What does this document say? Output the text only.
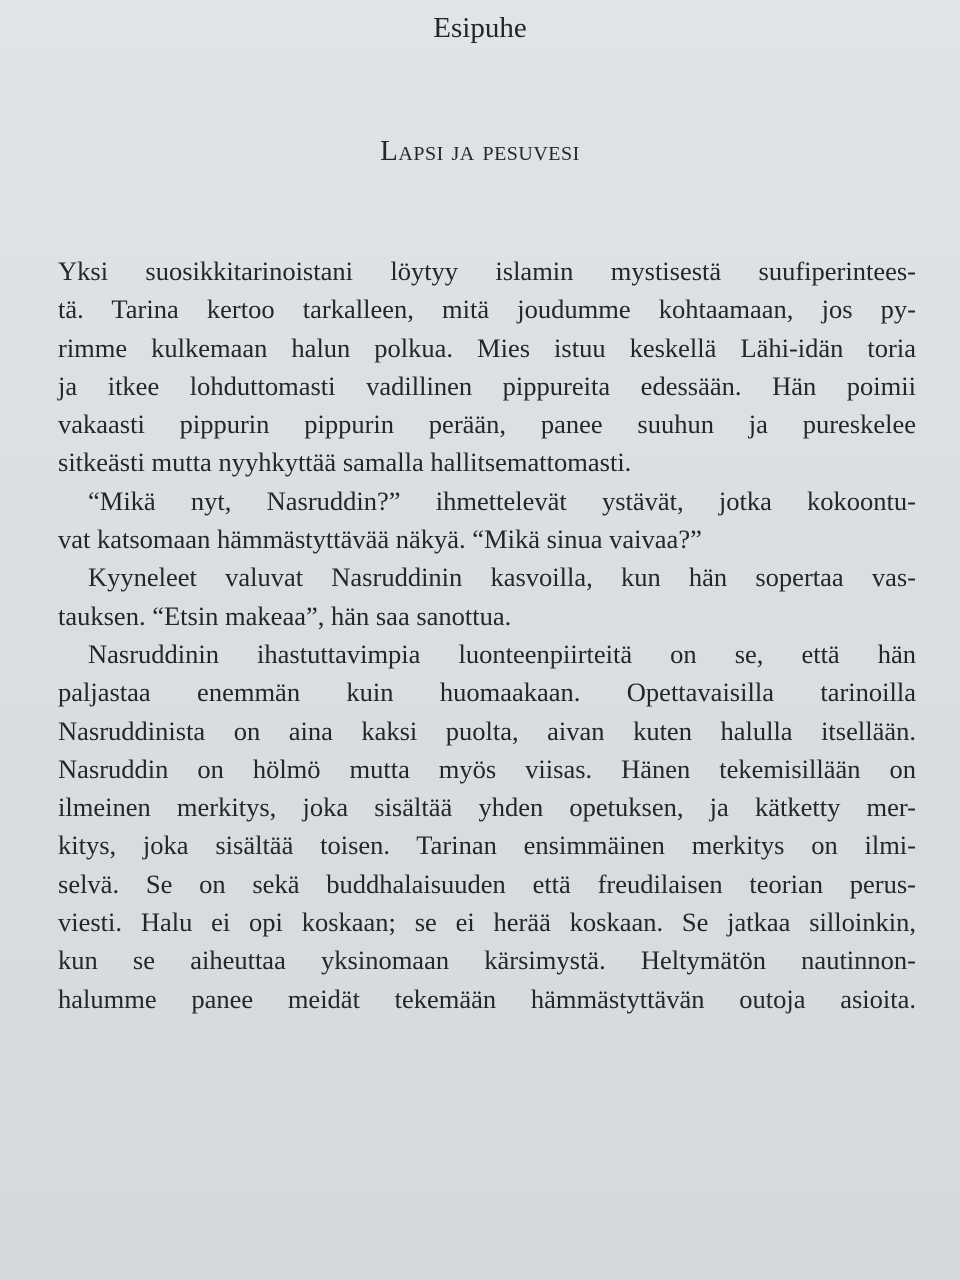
Esipuhe
Lapsi ja pesuvesi
Yksi suosikkitarinoistani löytyy islamin mystisestä suufiperintees-
tä. Tarina kertoo tarkalleen, mitä joudumme kohtaamaan, jos py-
rimme kulkemaan halun polkua. Mies istuu keskellä Lähi-idän toria
ja itkee lohduttomasti vadillinen pippureita edessään. Hän poimii
vakaasti pippurin pippurin perään, panee suuhun ja pureskelee
sitkeästi mutta nyyhkyttää samalla hallitsemattomasti.
“Mikä nyt, Nasruddin?” ihmettelevät ystävät, jotka kokoontu-
vat katsomaan hämmästyttävää näkyä. “Mikä sinua vaivaa?”
Kyyneleet valuvat Nasruddinin kasvoilla, kun hän sopertaa vas-
tauksen. “Etsin makeaa”, hän saa sanottua.
Nasruddinin ihastuttavimpia luonteenpiirteitä on se, että hän
paljastaa enemmän kuin huomaakaan. Opettavaisilla tarinoilla
Nasruddinista on aina kaksi puolta, aivan kuten halulla itsellään.
Nasruddin on hölmö mutta myös viisas. Hänen tekemisillään on
ilmeinen merkitys, joka sisältää yhden opetuksen, ja kätketty mer-
kitys, joka sisältää toisen. Tarinan ensimmäinen merkitys on ilmi-
selvä. Se on sekä buddhalaisuuden että freudilaisen teorian perus-
viesti. Halu ei opi koskaan; se ei herää koskaan. Se jatkaa silloinkin,
kun se aiheuttaa yksinomaan kärsimystä. Heltymätön nautinnon-
halumme panee meidät tekemään hämmästyttävän outoja asioita.
